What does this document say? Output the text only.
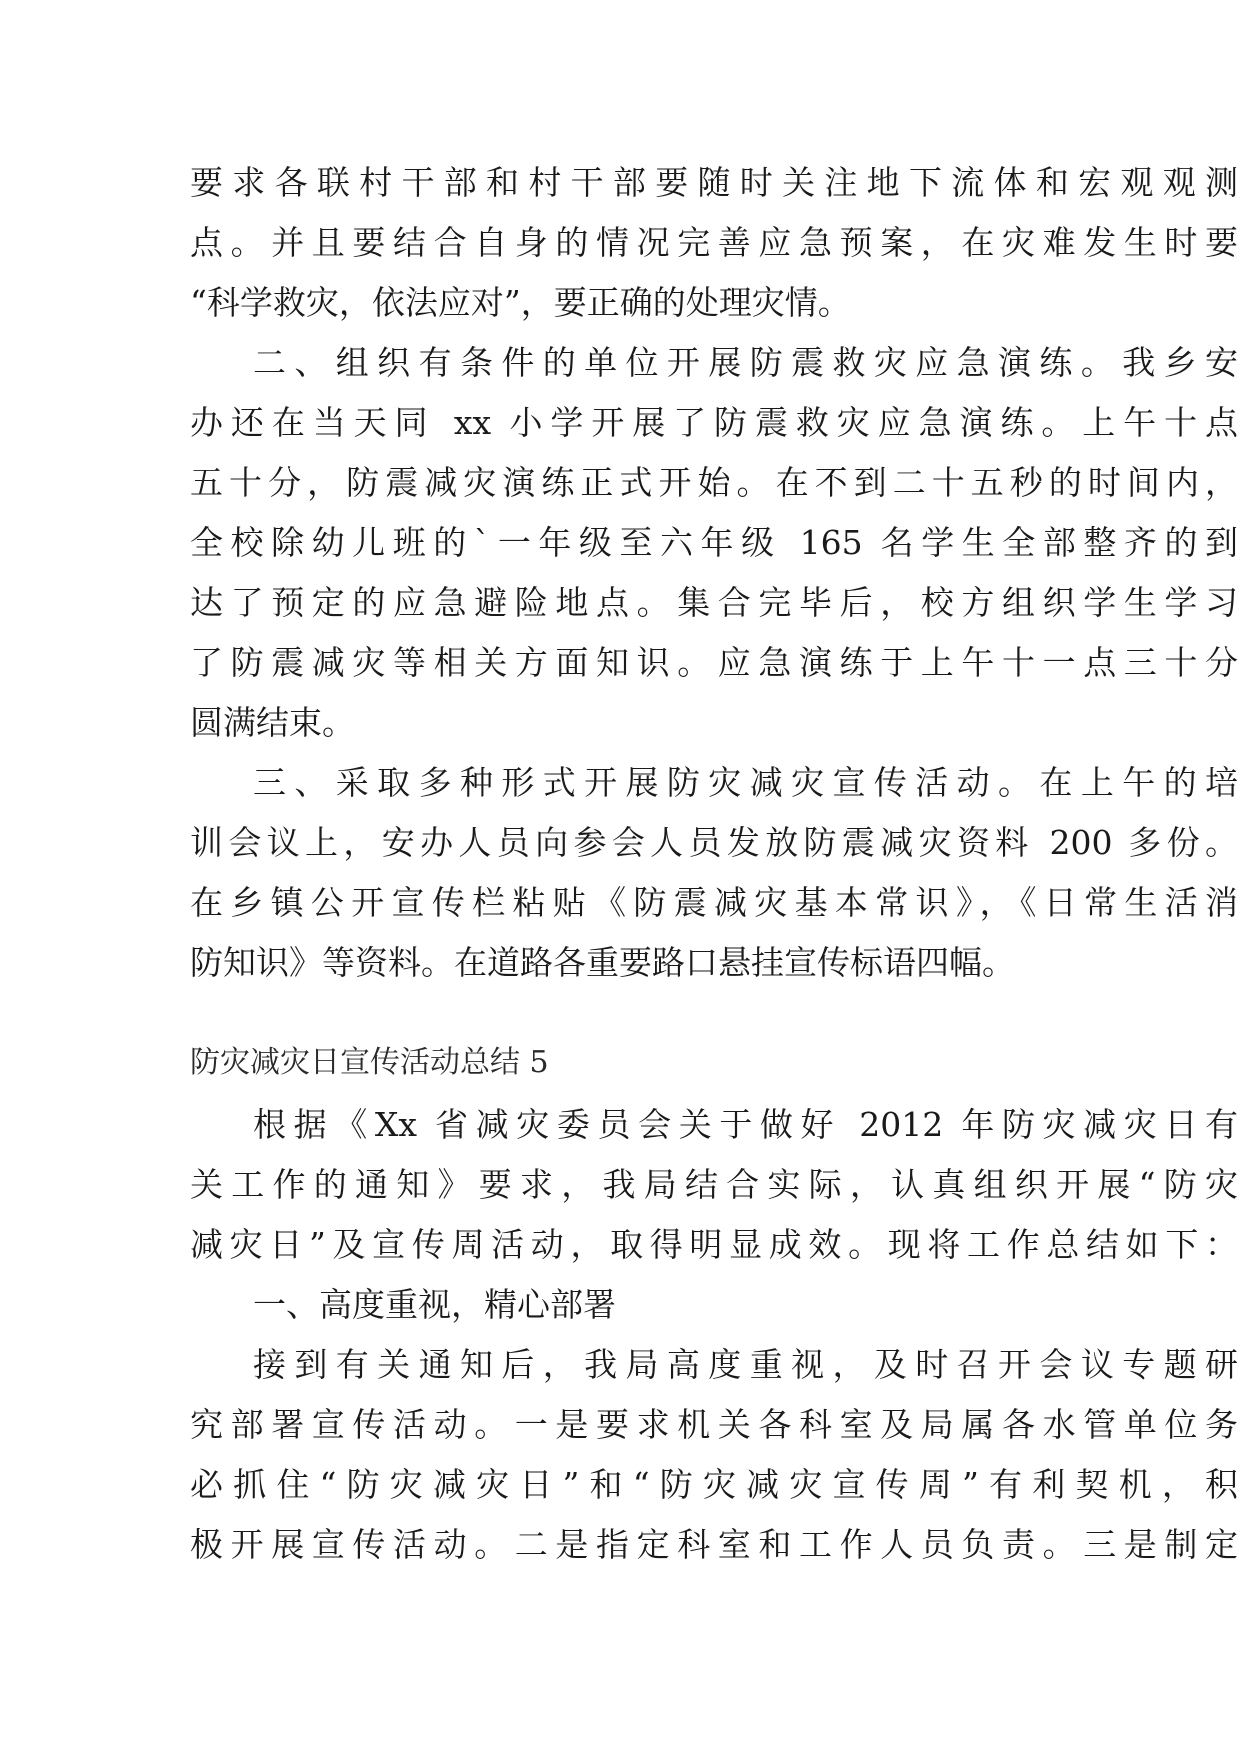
要求各联村干部和村干部要随时关注地下流体和宏观观测
点。并且要结合自身的情况完善应急预案，在灾难发生时要
“科学救灾，依法应对”，要正确的处理灾情。
二、组织有条件的单位开展防震救灾应急演练。我乡安
办还在当天同 xx 小学开展了防震救灾应急演练。上午十点
五十分，防震减灾演练正式开始。在不到二十五秒的时间内，
全校除幼儿班的`一年级至六年级 165 名学生全部整齐的到
达了预定的应急避险地点。集合完毕后，校方组织学生学习
了防震减灾等相关方面知识。应急演练于上午十一点三十分
圆满结束。
三、采取多种形式开展防灾减灾宣传活动。在上午的培
训会议上，安办人员向参会人员发放防震减灾资料 200 多份。
在乡镇公开宣传栏粘贴《防震减灾基本常识》，《日常生活消
防知识》等资料。在道路各重要路口悬挂宣传标语四幅。
防灾减灾日宣传活动总结 5
根据《Xx 省减灾委员会关于做好 2012 年防灾减灾日有
关工作的通知》要求，我局结合实际，认真组织开展“防灾
减灾日”及宣传周活动，取得明显成效。现将工作总结如下：
一、高度重视，精心部署
接到有关通知后，我局高度重视，及时召开会议专题研
究部署宣传活动。一是要求机关各科室及局属各水管单位务
必抓住“防灾减灾日”和“防灾减灾宣传周”有利契机，积
极开展宣传活动。二是指定科室和工作人员负责。三是制定
